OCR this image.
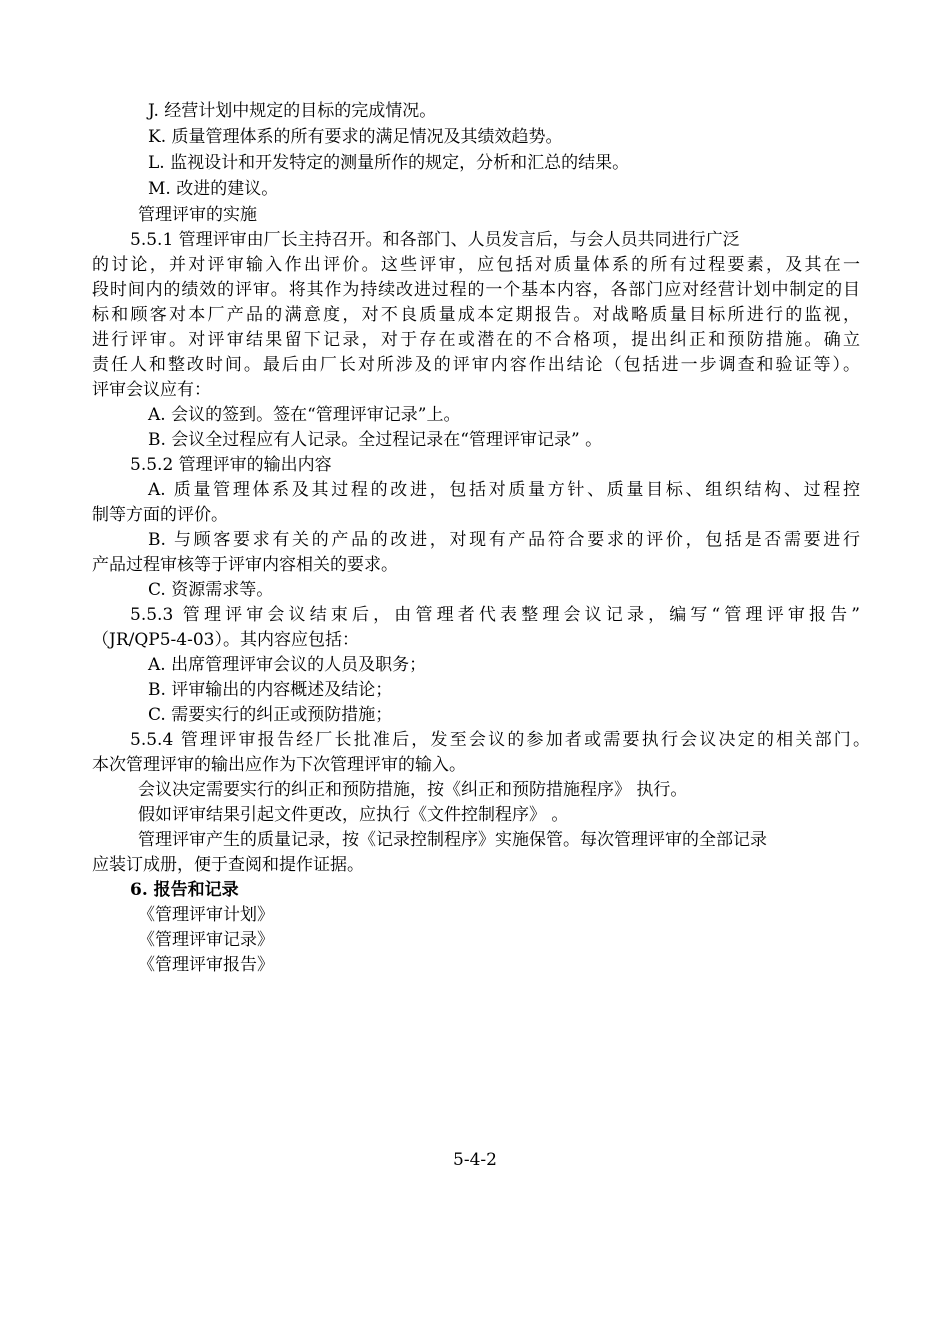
J. 经营计划中规定的目标的完成情况。
K. 质量管理体系的所有要求的满足情况及其绩效趋势。
L. 监视设计和开发特定的测量所作的规定，分析和汇总的结果。
M. 改进的建议。
管理评审的实施
5.5.1 管理评审由厂长主持召开。和各部门、人员发言后，与会人员共同进行广泛
的讨论，并对评审输入作出评价。这些评审，应包括对质量体系的所有过程要素，及其在一
段时间内的绩效的评审。将其作为持续改进过程的一个基本内容，各部门应对经营计划中制定的目
标和顾客对本厂产品的满意度，对不良质量成本定期报告。对战略质量目标所进行的监视，
进行评审。对评审结果留下记录，对于存在或潜在的不合格项，提出纠正和预防措施。确立
责任人和整改时间。最后由厂长对所涉及的评审内容作出结论（包括进一步调查和验证等）。
评审会议应有：
A. 会议的签到。签在“管理评审记录”上。
B. 会议全过程应有人记录。全过程记录在“管理评审记录” 。
5.5.2 管理评审的输出内容
A. 质量管理体系及其过程的改进，包括对质量方针、质量目标、组织结构、过程控
制等方面的评价。
B. 与顾客要求有关的产品的改进，对现有产品符合要求的评价，包括是否需要进行
产品过程审核等于评审内容相关的要求。
C. 资源需求等。
5.5.3 管理评审会议结束后，由管理者代表整理会议记录，编写“管理评审报告”
（JR/QP5-4-03）。其内容应包括：
A. 出席管理评审会议的人员及职务；
B. 评审输出的内容概述及结论；
C. 需要实行的纠正或预防措施；
5.5.4 管理评审报告经厂长批准后，发至会议的参加者或需要执行会议决定的相关部门。
本次管理评审的输出应作为下次管理评审的输入。
会议决定需要实行的纠正和预防措施，按《纠正和预防措施程序》 执行。
假如评审结果引起文件更改，应执行《文件控制程序》 。
管理评审产生的质量记录，按《记录控制程序》实施保管。每次管理评审的全部记录
应装订成册，便于查阅和提作证据。
6. 报告和记录
《管理评审计划》
《管理评审记录》
《管理评审报告》
5-4-2
